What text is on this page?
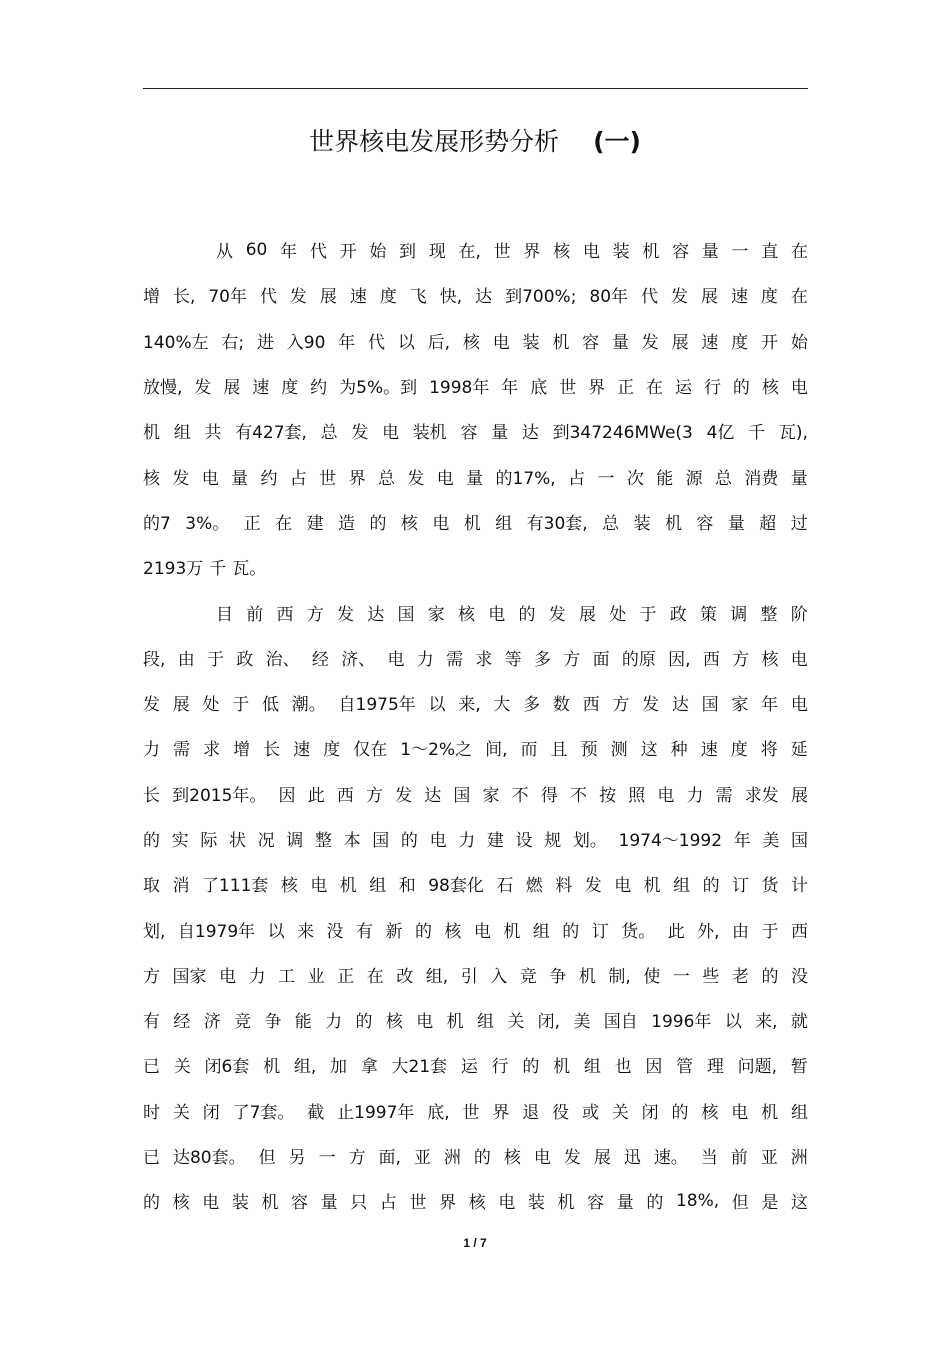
世界核电发展形势分析 (一)
从 60 年 代 开 始 到 现 在, 世 界 核 电 装 机 容 量 一 直 在
增 长, 70年 代 发 展 速 度 飞 快, 达 到700%; 80年 代 发 展 速 度 在
140%左 右; 进 入90 年 代 以 后, 核 电 装 机 容 量 发 展 速 度 开 始
放慢, 发 展 速 度 约 为5%。到 1998年 年 底 世 界 正 在 运 行 的 核 电
机 组 共 有427套, 总 发 电 装机 容 量 达 到347246MWe(3 4亿 千 瓦),
核 发 电 量 约 占 世 界 总 发 电 量 的17%, 占 一 次 能 源 总 消费 量
的7 3%。 正 在 建 造 的 核 电 机 组 有30套, 总 装 机 容 量 超 过
2193万 千 瓦。
目 前 西 方 发 达 国 家 核 电 的 发 展 处 于 政 策 调 整 阶
段, 由 于 政 治、 经 济、 电 力 需 求 等 多 方 面 的原 因, 西 方 核 电
发 展 处 于 低 潮。 自1975年 以 来, 大 多 数 西 方 发 达 国 家 年 电
力 需 求 增 长 速 度 仅在 1～2%之 间, 而 且 预 测 这 种 速 度 将 延
长 到2015年。 因 此 西 方 发 达 国 家 不 得 不 按 照 电 力 需 求发 展
的 实 际 状 况 调 整 本 国 的 电 力 建 设 规 划。 1974～1992 年 美 国
取 消 了111套 核 电 机 组 和 98套化 石 燃 料 发 电 机 组 的 订 货 计
划, 自1979年 以 来 没 有 新 的 核 电 机 组 的 订 货。 此 外, 由 于 西
方 国家 电 力 工 业 正 在 改 组, 引 入 竞 争 机 制, 使 一 些 老 的 没
有 经 济 竞 争 能 力 的 核 电 机 组 关 闭, 美 国自 1996年 以 来, 就
已 关 闭6套 机 组, 加 拿 大21套 运 行 的 机 组 也 因 管 理 问题, 暂
时 关 闭 了7套。 截 止1997年 底, 世 界 退 役 或 关 闭 的 核 电 机 组
已 达80套。 但 另 一 方 面, 亚 洲 的 核 电 发 展 迅 速。 当 前 亚 洲
的 核 电 装 机 容 量 只 占 世 界 核 电 装 机 容 量 的 18%, 但 是 这
1 / 7
